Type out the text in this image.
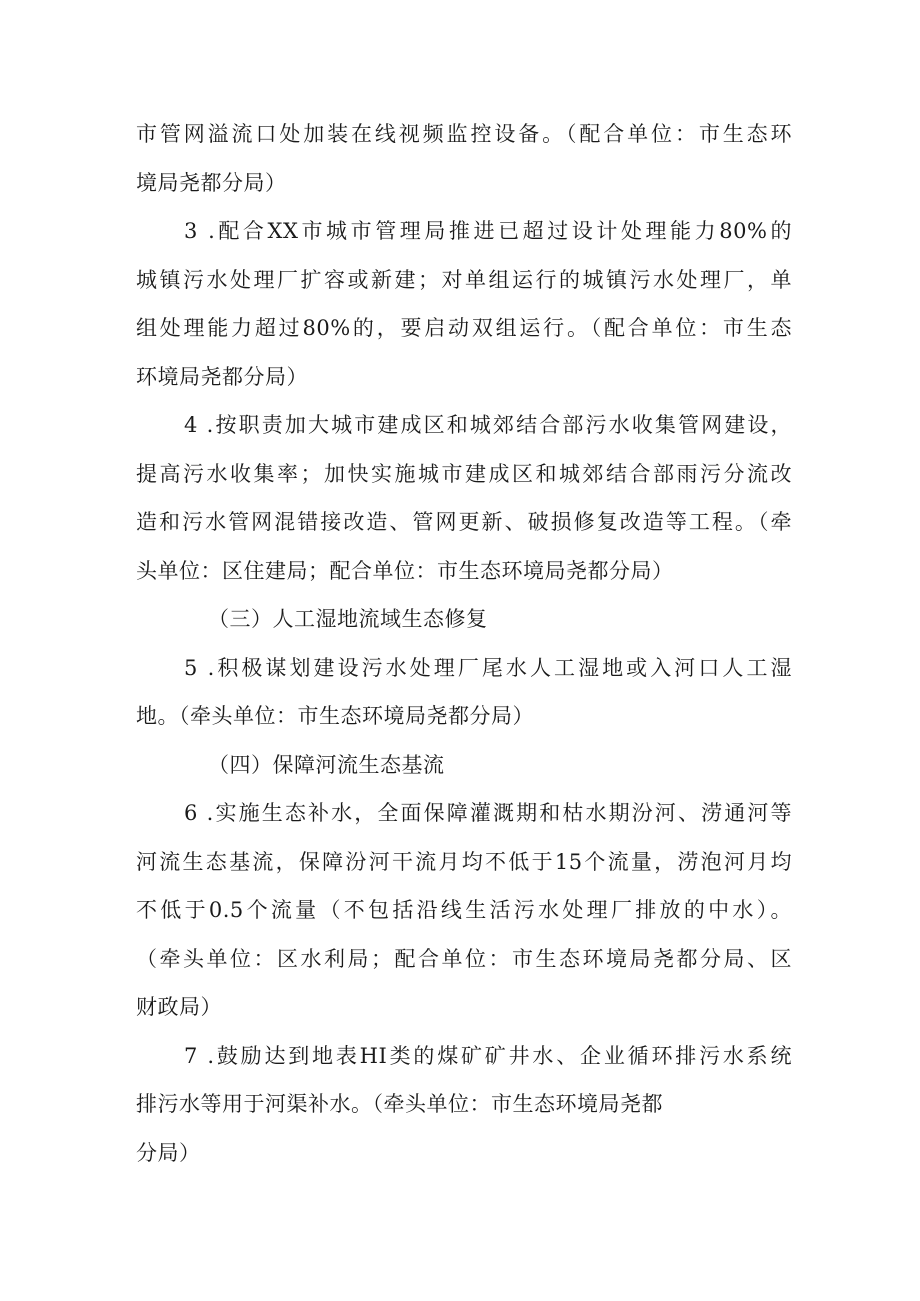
市管网溢流口处加装在线视频监控设备。（配合单位：市生态环
境局尧都分局）
3 .配合XX市城市管理局推进已超过设计处理能力80%的
城镇污水处理厂扩容或新建；对单组运行的城镇污水处理厂，单
组处理能力超过80%的，要启动双组运行。（配合单位：市生态
环境局尧都分局）
4 .按职责加大城市建成区和城郊结合部污水收集管网建设，
提高污水收集率；加快实施城市建成区和城郊结合部雨污分流改
造和污水管网混错接改造、管网更新、破损修复改造等工程。（牵
头单位：区住建局；配合单位：市生态环境局尧都分局）
（三）人工湿地流域生态修复
5 .积极谋划建设污水处理厂尾水人工湿地或入河口人工湿
地。（牵头单位：市生态环境局尧都分局）
（四）保障河流生态基流
6 .实施生态补水，全面保障灌溉期和枯水期汾河、涝通河等
河流生态基流，保障汾河干流月均不低于15个流量，涝泡河月均
不低于0.5个流量（不包括沿线生活污水处理厂排放的中水）。
（牵头单位：区水利局；配合单位：市生态环境局尧都分局、区
财政局）
7 .鼓励达到地表HI类的煤矿矿井水、企业循环排污水系统
排污水等用于河渠补水。（牵头单位：市生态环境局尧都
分局）
